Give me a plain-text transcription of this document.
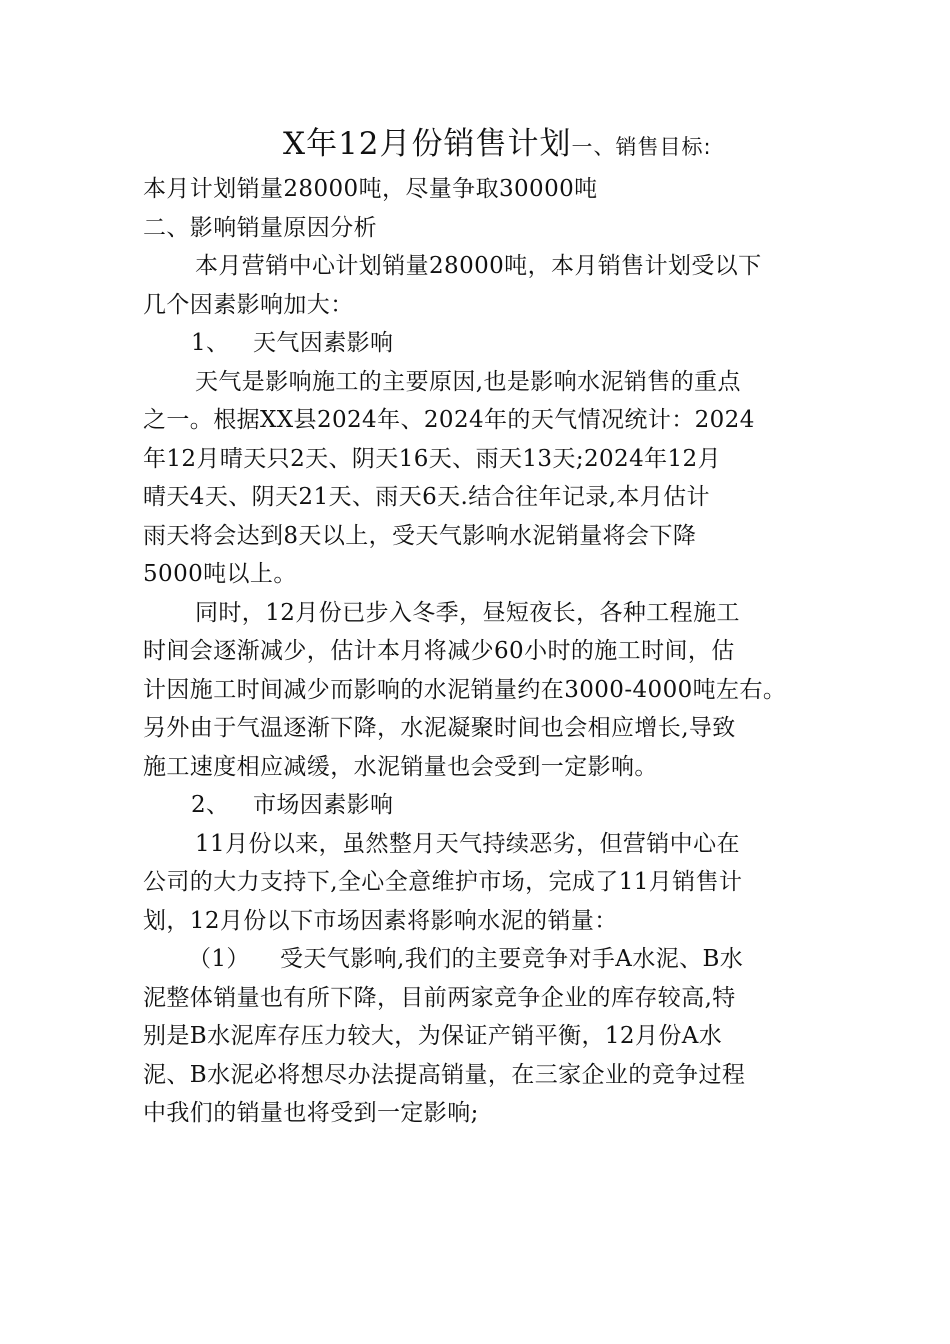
X年12月份销售计划一、销售目标:

本月计划销量28000吨，尽量争取30000吨

二、影响销量原因分析

本月营销中心计划销量28000吨，本月销售计划受以下

几个因素影响加大：

1、 天气因素影响

天气是影响施工的主要原因,也是影响水泥销售的重点

之一。根据XX县2024年、2024年的天气情况统计：2024

年12月晴天只2天、阴天16天、雨天13天;2024年12月

晴天4天、阴天21天、雨天6天.结合往年记录,本月估计

雨天将会达到8天以上，受天气影响水泥销量将会下降

5000吨以上。

同时，12月份已步入冬季，昼短夜长，各种工程施工

时间会逐渐减少，估计本月将减少60小时的施工时间，估

计因施工时间减少而影响的水泥销量约在3000-4000吨左右。

另外由于气温逐渐下降，水泥凝聚时间也会相应增长,导致

施工速度相应减缓，水泥销量也会受到一定影响。

2、 市场因素影响

11月份以来，虽然整月天气持续恶劣，但营销中心在

公司的大力支持下,全心全意维护市场，完成了11月销售计

划，12月份以下市场因素将影响水泥的销量：

（1） 受天气影响,我们的主要竞争对手A水泥、B水

泥整体销量也有所下降，目前两家竞争企业的库存较高,特

别是B水泥库存压力较大，为保证产销平衡，12月份A水

泥、B水泥必将想尽办法提高销量，在三家企业的竞争过程

中我们的销量也将受到一定影响;
